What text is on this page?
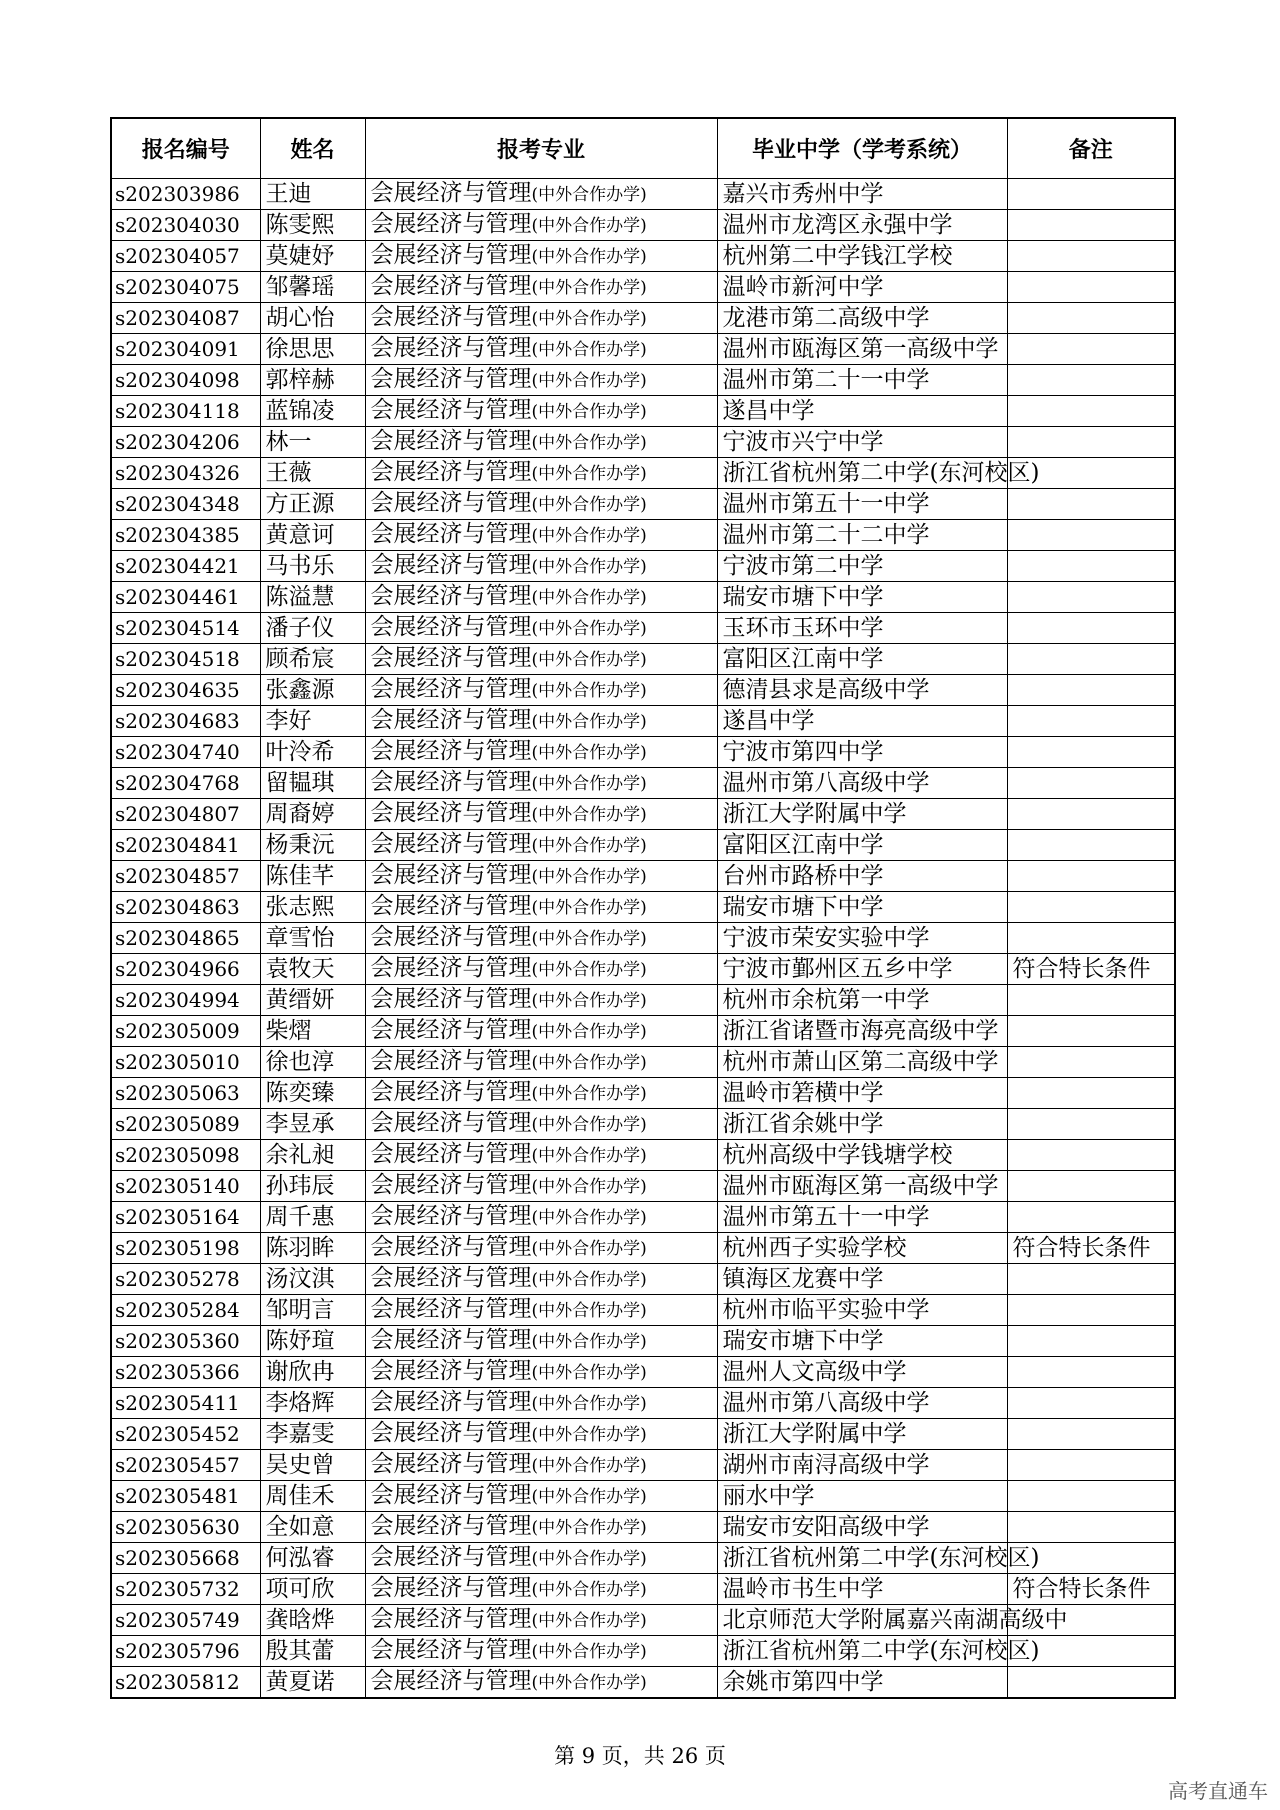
报名编号	姓名	报考专业	毕业中学（学考系统）	备注
s202303986	王迪	会展经济与管理(中外合作办学)	嘉兴市秀州中学	
s202304030	陈雯熙	会展经济与管理(中外合作办学)	温州市龙湾区永强中学	
s202304057	莫婕妤	会展经济与管理(中外合作办学)	杭州第二中学钱江学校	
s202304075	邹馨瑶	会展经济与管理(中外合作办学)	温岭市新河中学	
s202304087	胡心怡	会展经济与管理(中外合作办学)	龙港市第二高级中学	
s202304091	徐思思	会展经济与管理(中外合作办学)	温州市瓯海区第一高级中学	
s202304098	郭梓赫	会展经济与管理(中外合作办学)	温州市第二十一中学	
s202304118	蓝锦凌	会展经济与管理(中外合作办学)	遂昌中学	
s202304206	林一	会展经济与管理(中外合作办学)	宁波市兴宁中学	
s202304326	王薇	会展经济与管理(中外合作办学)	浙江省杭州第二中学(东河校区)	
s202304348	方正源	会展经济与管理(中外合作办学)	温州市第五十一中学	
s202304385	黄意诃	会展经济与管理(中外合作办学)	温州市第二十二中学	
s202304421	马书乐	会展经济与管理(中外合作办学)	宁波市第二中学	
s202304461	陈溢慧	会展经济与管理(中外合作办学)	瑞安市塘下中学	
s202304514	潘子仪	会展经济与管理(中外合作办学)	玉环市玉环中学	
s202304518	顾希宸	会展经济与管理(中外合作办学)	富阳区江南中学	
s202304635	张鑫源	会展经济与管理(中外合作办学)	德清县求是高级中学	
s202304683	李好	会展经济与管理(中外合作办学)	遂昌中学	
s202304740	叶泠希	会展经济与管理(中外合作办学)	宁波市第四中学	
s202304768	留韫琪	会展经济与管理(中外合作办学)	温州市第八高级中学	
s202304807	周裔婷	会展经济与管理(中外合作办学)	浙江大学附属中学	
s202304841	杨秉沅	会展经济与管理(中外合作办学)	富阳区江南中学	
s202304857	陈佳芊	会展经济与管理(中外合作办学)	台州市路桥中学	
s202304863	张志熙	会展经济与管理(中外合作办学)	瑞安市塘下中学	
s202304865	章雪怡	会展经济与管理(中外合作办学)	宁波市荣安实验中学	
s202304966	袁牧天	会展经济与管理(中外合作办学)	宁波市鄞州区五乡中学	符合特长条件
s202304994	黄缙妍	会展经济与管理(中外合作办学)	杭州市余杭第一中学	
s202305009	柴熠	会展经济与管理(中外合作办学)	浙江省诸暨市海亮高级中学	
s202305010	徐也淳	会展经济与管理(中外合作办学)	杭州市萧山区第二高级中学	
s202305063	陈奕臻	会展经济与管理(中外合作办学)	温岭市箬横中学	
s202305089	李昱承	会展经济与管理(中外合作办学)	浙江省余姚中学	
s202305098	余礼昶	会展经济与管理(中外合作办学)	杭州高级中学钱塘学校	
s202305140	孙玮辰	会展经济与管理(中外合作办学)	温州市瓯海区第一高级中学	
s202305164	周千惠	会展经济与管理(中外合作办学)	温州市第五十一中学	
s202305198	陈羽眸	会展经济与管理(中外合作办学)	杭州西子实验学校	符合特长条件
s202305278	汤汶淇	会展经济与管理(中外合作办学)	镇海区龙赛中学	
s202305284	邹明言	会展经济与管理(中外合作办学)	杭州市临平实验中学	
s202305360	陈妤瑄	会展经济与管理(中外合作办学)	瑞安市塘下中学	
s202305366	谢欣冉	会展经济与管理(中外合作办学)	温州人文高级中学	
s202305411	李烙辉	会展经济与管理(中外合作办学)	温州市第八高级中学	
s202305452	李嘉雯	会展经济与管理(中外合作办学)	浙江大学附属中学	
s202305457	吴史曾	会展经济与管理(中外合作办学)	湖州市南浔高级中学	
s202305481	周佳禾	会展经济与管理(中外合作办学)	丽水中学	
s202305630	全如意	会展经济与管理(中外合作办学)	瑞安市安阳高级中学	
s202305668	何泓睿	会展经济与管理(中外合作办学)	浙江省杭州第二中学(东河校区)	
s202305732	项可欣	会展经济与管理(中外合作办学)	温岭市书生中学	符合特长条件
s202305749	龚晗烨	会展经济与管理(中外合作办学)	北京师范大学附属嘉兴南湖高级中	
s202305796	殷其蕾	会展经济与管理(中外合作办学)	浙江省杭州第二中学(东河校区)	
s202305812	黄夏诺	会展经济与管理(中外合作办学)	余姚市第四中学	
第 9 页，共 26 页
高考直通车
